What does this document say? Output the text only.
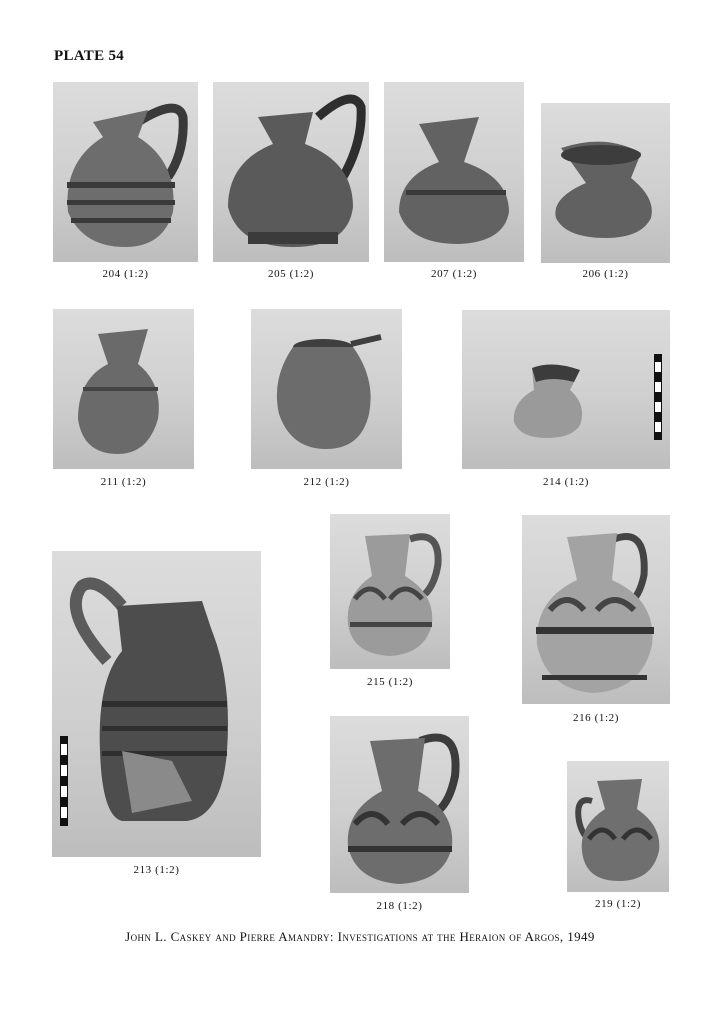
PLATE 54
204 (1:2)	205 (1:2)	207 (1:2)	206 (1:2)
211 (1:2)	212 (1:2)	214 (1:2)
213 (1:2)
215 (1:2)
216 (1:2)
218 (1:2)	219 (1:2)
John L. Caskey and Pierre Amandry: Investigations at the Heraion of Argos, 1949
